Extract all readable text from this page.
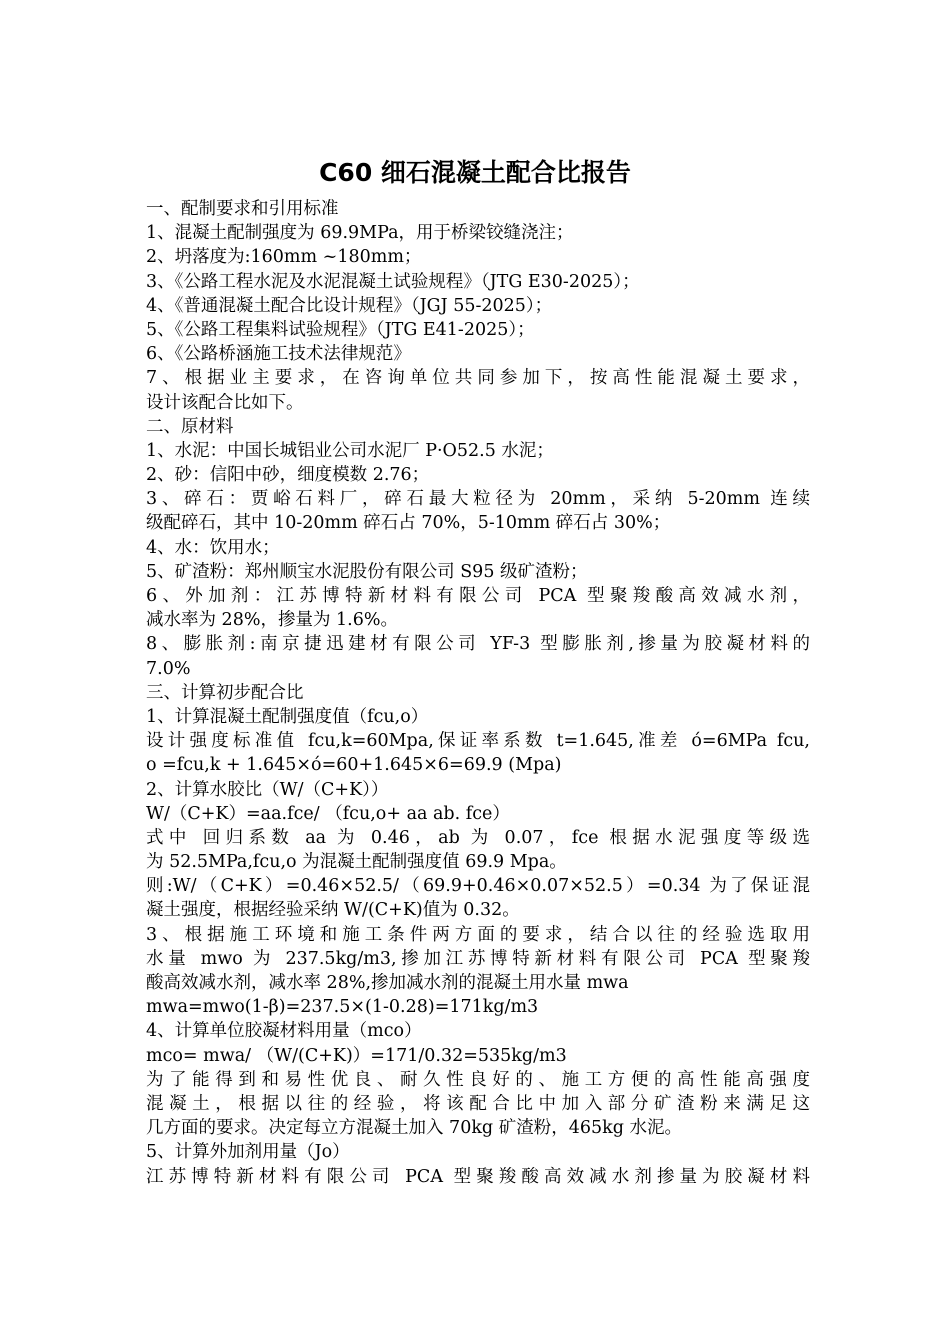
C60 细石混凝土配合比报告

一、配制要求和引用标准

1、混凝土配制强度为 69.9MPa，用于桥梁铰缝浇注；

2、坍落度为:160mm ~180mm；

3、《公路工程水泥及水泥混凝土试验规程》（JTG E30-2025）；

4、《普通混凝土配合比设计规程》（JGJ 55-2025）；

5、《公路工程集料试验规程》（JTG E41-2025）；

6、《公路桥涵施工技术法律规范》

7、根据业主要求，在咨询单位共同参加下，按高性能混凝土要求，

设计该配合比如下。

二、原材料

1、水泥：中国长城铝业公司水泥厂 P·O52.5 水泥；

2、砂：信阳中砂，细度模数 2.76；

3、碎石：贾峪石料厂，碎石最大粒径为 20mm，采纳 5-20mm 连续

级配碎石，其中 10-20mm 碎石占 70%，5-10mm 碎石占 30%；

4、水：饮用水；

5、矿渣粉：郑州顺宝水泥股份有限公司 S95 级矿渣粉；

6、外加剂：江苏博特新材料有限公司 PCA 型聚羧酸高效减水剂，

减水率为 28%，掺量为 1.6%。

8、膨胀剂:南京捷迅建材有限公司 YF-3 型膨胀剂,掺量为胶凝材料的

7.0%

三、计算初步配合比

1、计算混凝土配制强度值（fcu,o）

设计强度标准值 fcu,k=60Mpa,保证率系数 t=1.645,准差 ό=6MPa fcu,

o =fcu,k + 1.645×ό=60+1.645×6=69.9 (Mpa)

2、计算水胶比（W/（C+K））

W/（C+K）=aa.fce/ （fcu,o+ aa ab. fce）

式中 回归系数 aa 为 0.46，ab 为 0.07，fce 根据水泥强度等级选

为 52.5MPa,fcu,o 为混凝土配制强度值 69.9 Mpa。

则:W/（C+K）=0.46×52.5/（69.9+0.46×0.07×52.5）=0.34 为了保证混

凝土强度，根据经验采纳 W/(C+K)值为 0.32。

3、根据施工环境和施工条件两方面的要求，结合以往的经验选取用

水量 mwo 为 237.5kg/m3,掺加江苏博特新材料有限公司 PCA 型聚羧

酸高效减水剂，减水率 28%,掺加减水剂的混凝土用水量 mwa

mwa=mwo(1-β)=237.5×(1-0.28)=171kg/m3

4、计算单位胶凝材料用量（mco）

mco= mwa/ （W/(C+K)）=171/0.32=535kg/m3

为了能得到和易性优良、耐久性良好的、施工方便的高性能高强度

混凝土，根据以往的经验，将该配合比中加入部分矿渣粉来满足这

几方面的要求。决定每立方混凝土加入 70kg 矿渣粉，465kg 水泥。

5、计算外加剂用量（Jo）

江苏博特新材料有限公司 PCA 型聚羧酸高效减水剂掺量为胶凝材料
